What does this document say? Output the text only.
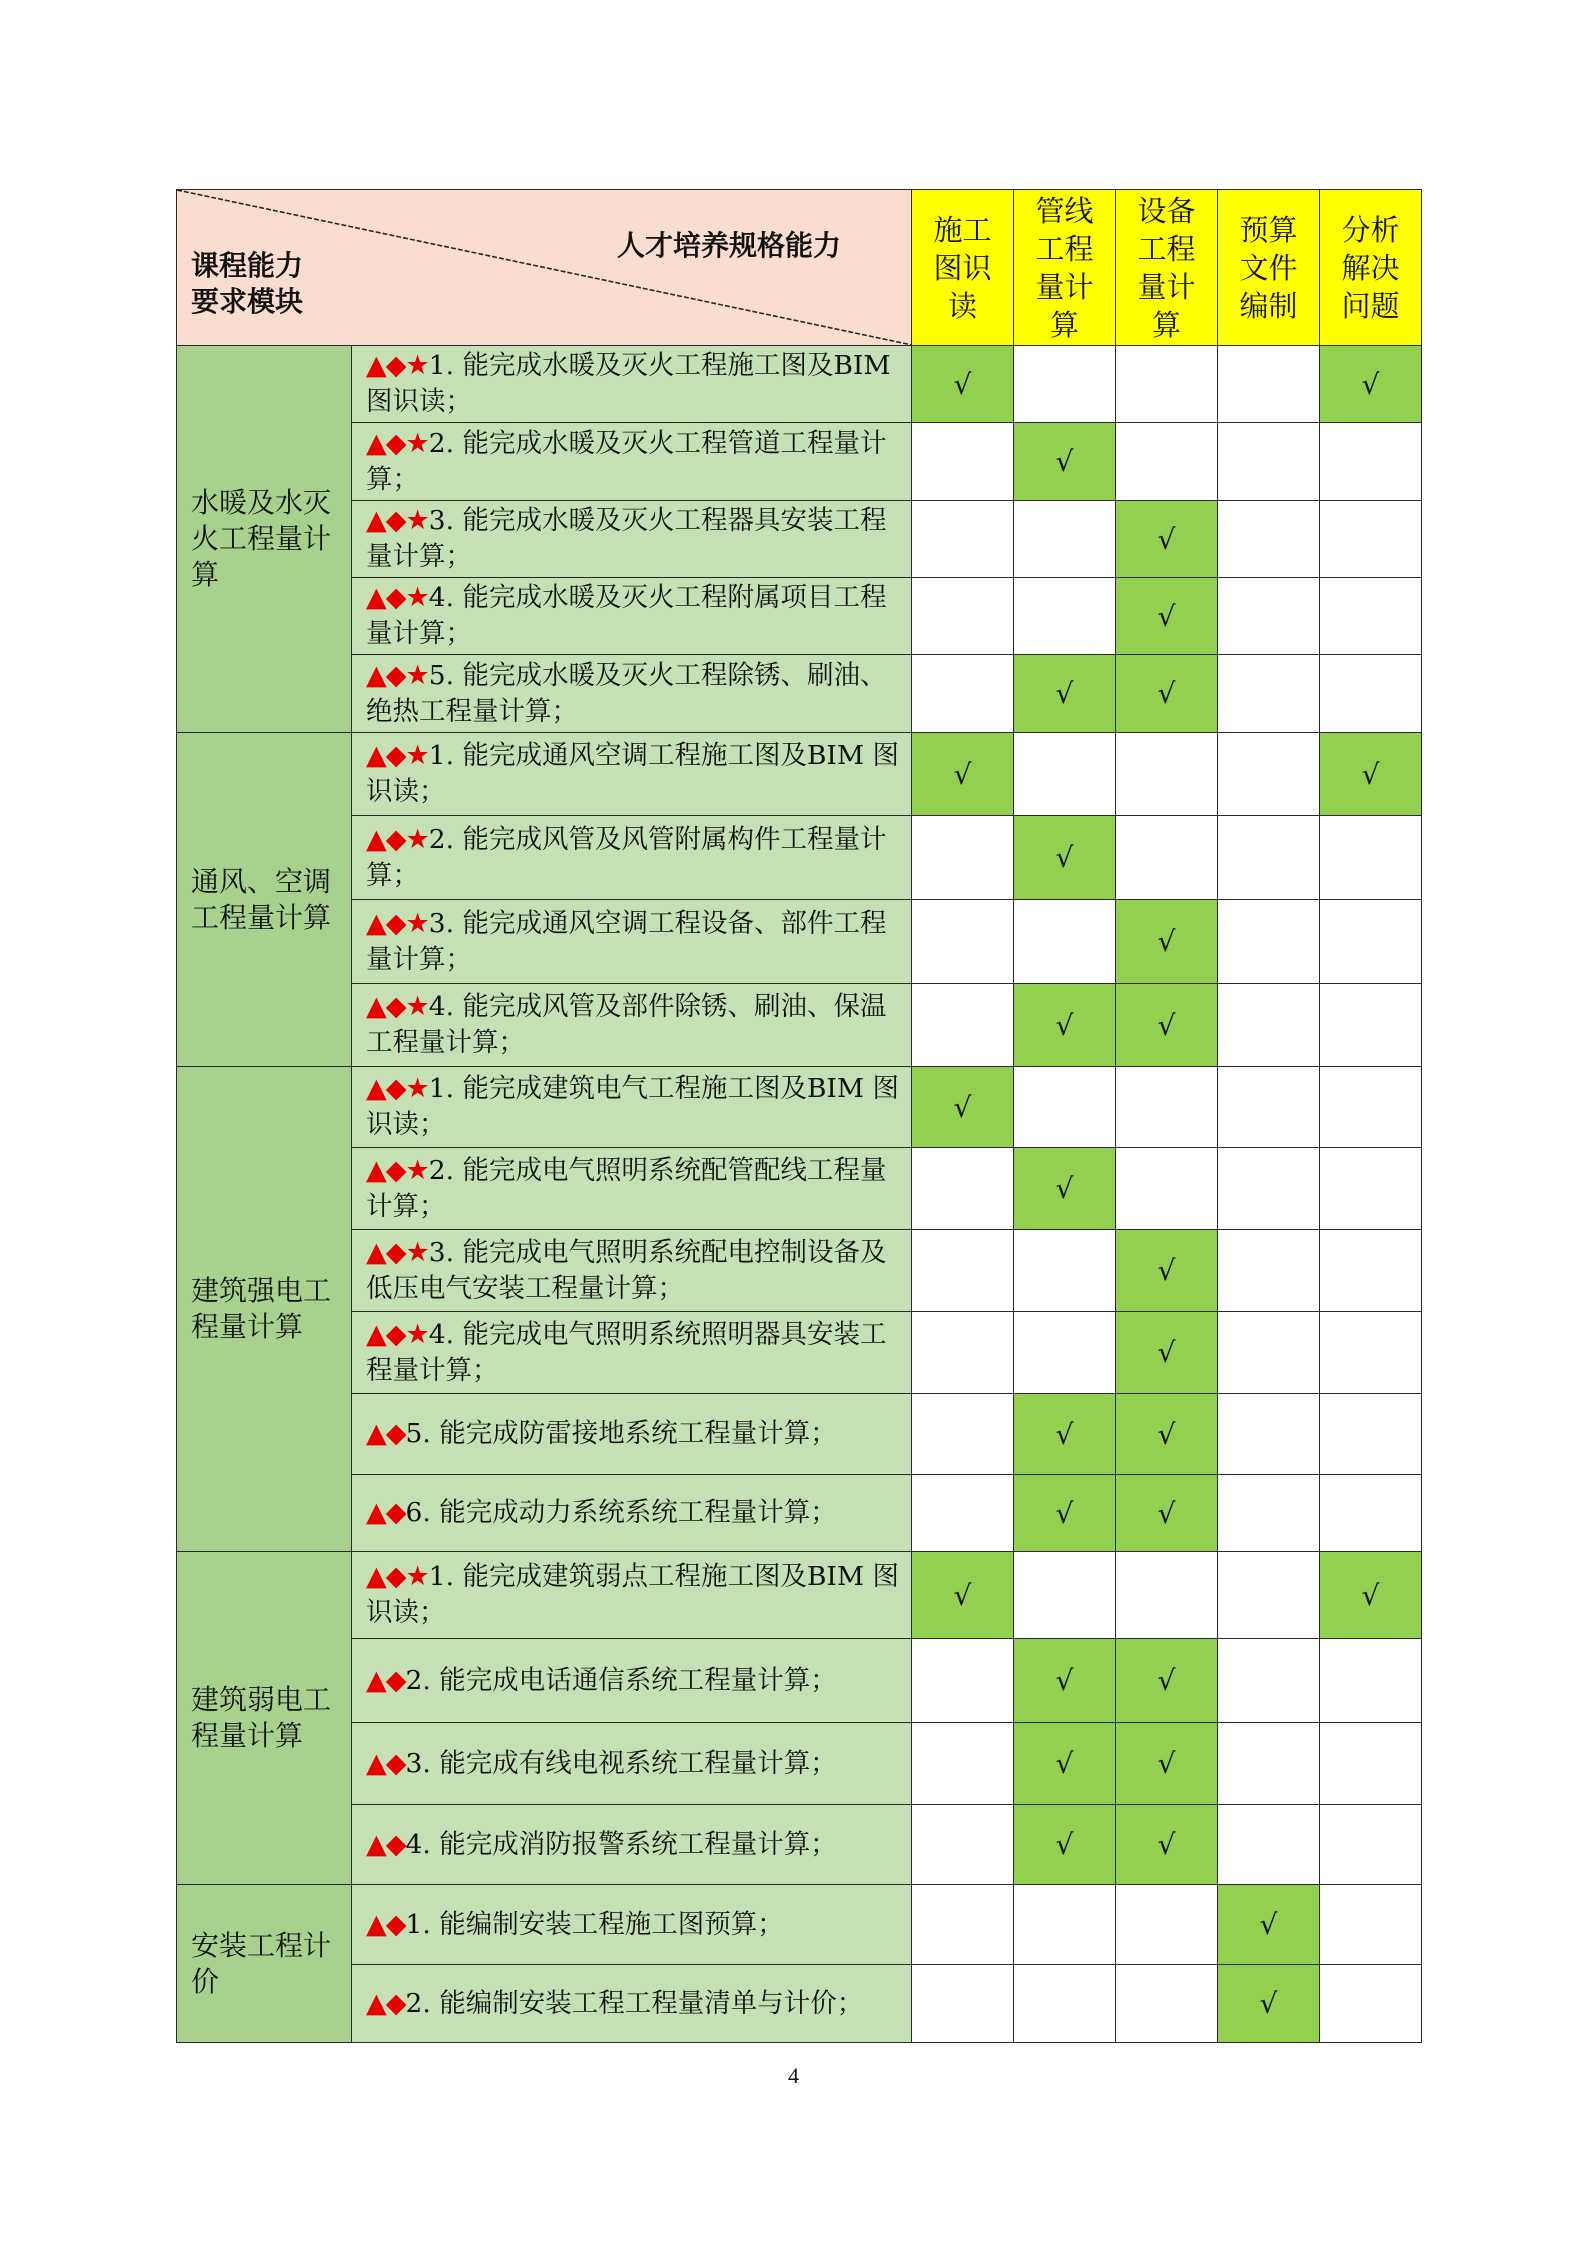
人才培养规格能力
课程能力
要求模块		施工图识读	管线工程量计算	设备工程量计算	预算文件编制	分析解决问题

水暖及水灭火工程量计算	▲◆★1. 能完成水暖及灭火工程施工图及BIM 图识读；	√				√

	▲◆★2. 能完成水暖及灭火工程管道工程量计算；		√			

	▲◆★3. 能完成水暖及灭火工程器具安装工程量计算；			√		

	▲◆★4. 能完成水暖及灭火工程附属项目工程量计算；			√		

	▲◆★5. 能完成水暖及灭火工程除锈、刷油、绝热工程量计算；		√	√		

通风、空调工程量计算	▲◆★1. 能完成通风空调工程施工图及BIM 图识读；	√				√

	▲◆★2. 能完成风管及风管附属构件工程量计算；		√			

	▲◆★3. 能完成通风空调工程设备、部件工程量计算；			√		

	▲◆★4. 能完成风管及部件除锈、刷油、保温工程量计算；		√	√		

建筑强电工程量计算	▲◆★1. 能完成建筑电气工程施工图及BIM 图识读；	√				

	▲◆★2. 能完成电气照明系统配管配线工程量计算；		√			

	▲◆★3. 能完成电气照明系统配电控制设备及低压电气安装工程量计算；			√		

	▲◆★4. 能完成电气照明系统照明器具安装工程量计算；			√		

	▲◆5. 能完成防雷接地系统工程量计算；		√	√		

	▲◆6. 能完成动力系统系统工程量计算；		√	√		

建筑弱电工程量计算	▲◆★1. 能完成建筑弱点工程施工图及BIM 图识读；	√				√

	▲◆2. 能完成电话通信系统工程量计算；		√	√		

	▲◆3. 能完成有线电视系统工程量计算；		√	√		

	▲◆4. 能完成消防报警系统工程量计算；		√	√		

安装工程计价	▲◆1. 能编制安装工程施工图预算；				√	

	▲◆2. 能编制安装工程工程量清单与计价；				√	
4
